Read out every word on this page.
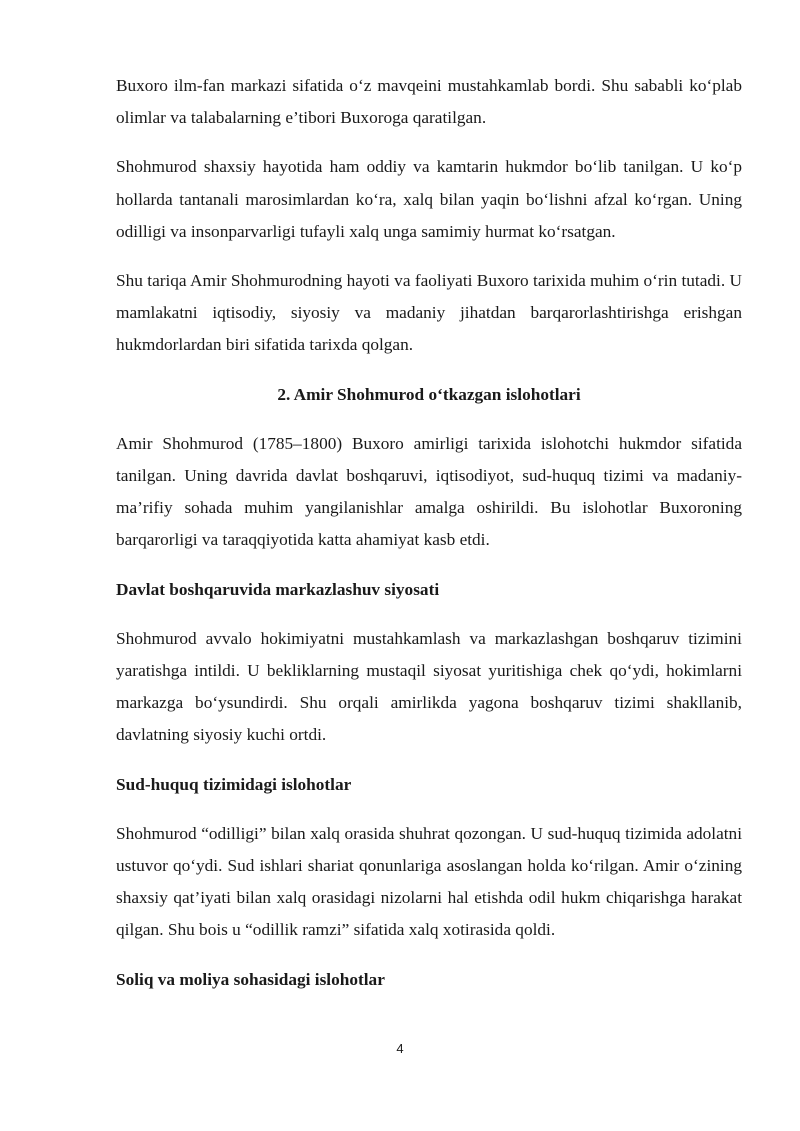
Buxoro ilm-fan markazi sifatida o‘z mavqeini mustahkamlab bordi. Shu sababli ko‘plab olimlar va talabalarning e’tibori Buxoroga qaratilgan.

Shohmurod shaxsiy hayotida ham oddiy va kamtarin hukmdor bo‘lib tanilgan. U ko‘p hollarda tantanali marosimlardan ko‘ra, xalq bilan yaqin bo‘lishni afzal ko‘rgan. Uning odilligi va insonparvarligi tufayli xalq unga samimiy hurmat ko‘rsatgan.

Shu tariqa Amir Shohmurodning hayoti va faoliyati Buxoro tarixida muhim o‘rin tutadi. U mamlakatni iqtisodiy, siyosiy va madaniy jihatdan barqarorlashtirishga erishgan hukmdorlardan biri sifatida tarixda qolgan.

2. Amir Shohmurod o‘tkazgan islohotlari

Amir Shohmurod (1785–1800) Buxoro amirligi tarixida islohotchi hukmdor sifatida tanilgan. Uning davrida davlat boshqaruvi, iqtisodiyot, sud-huquq tizimi va madaniy-ma’rifiy sohada muhim yangilanishlar amalga oshirildi. Bu islohotlar Buxoroning barqarorligi va taraqqiyotida katta ahamiyat kasb etdi.

Davlat boshqaruvida markazlashuv siyosati

Shohmurod avvalo hokimiyatni mustahkamlash va markazlashgan boshqaruv tizimini yaratishga intildi. U bekliklarning mustaqil siyosat yuritishiga chek qo‘ydi, hokimlarni markazga bo‘ysundirdi. Shu orqali amirlikda yagona boshqaruv tizimi shakllanib, davlatning siyosiy kuchi ortdi.

Sud-huquq tizimidagi islohotlar

Shohmurod “odilligi” bilan xalq orasida shuhrat qozongan. U sud-huquq tizimida adolatni ustuvor qo‘ydi. Sud ishlari shariat qonunlariga asoslangan holda ko‘rilgan. Amir o‘zining shaxsiy qat’iyati bilan xalq orasidagi nizolarni hal etishda odil hukm chiqarishga harakat qilgan. Shu bois u “odillik ramzi” sifatida xalq xotirasida qoldi.

Soliq va moliya sohasidagi islohotlar
4
